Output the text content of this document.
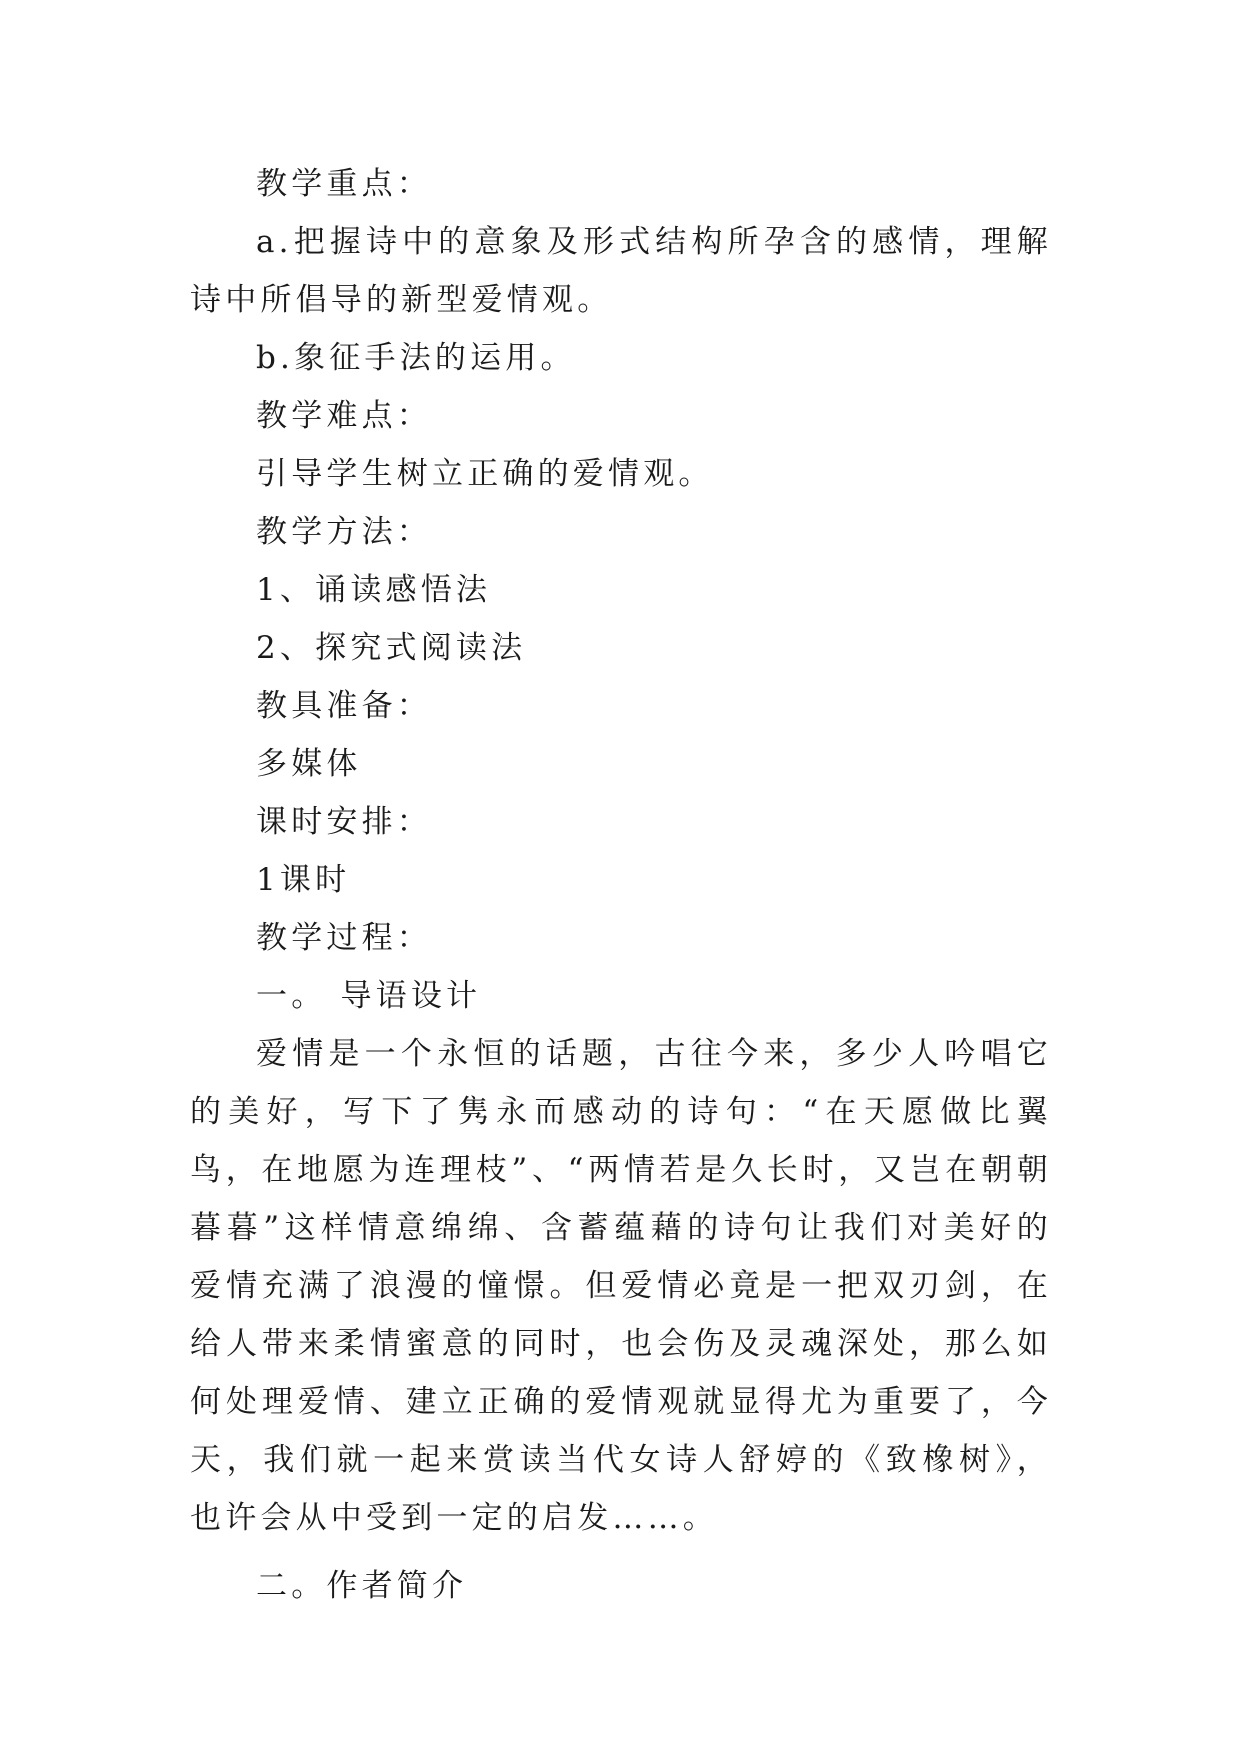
教学重点：

a.把握诗中的意象及形式结构所孕含的感情，理解诗中所倡导的新型爱情观。

b.象征手法的运用。

教学难点：

引导学生树立正确的爱情观。

教学方法：

1、诵读感悟法

2、探究式阅读法

教具准备：

多媒体

课时安排：

1课时

教学过程：

一。 导语设计

爱情是一个永恒的话题，古往今来，多少人吟唱它的美好，写下了隽永而感动的诗句：“在天愿做比翼鸟，在地愿为连理枝”、“两情若是久长时，又岂在朝朝暮暮”这样情意绵绵、含蓄蕴藉的诗句让我们对美好的爱情充满了浪漫的憧憬。但爱情必竟是一把双刃剑，在给人带来柔情蜜意的同时，也会伤及灵魂深处，那么如何处理爱情、建立正确的爱情观就显得尤为重要了，今天，我们就一起来赏读当代女诗人舒婷的《致橡树》，也许会从中受到一定的启发……。

二。作者简介
